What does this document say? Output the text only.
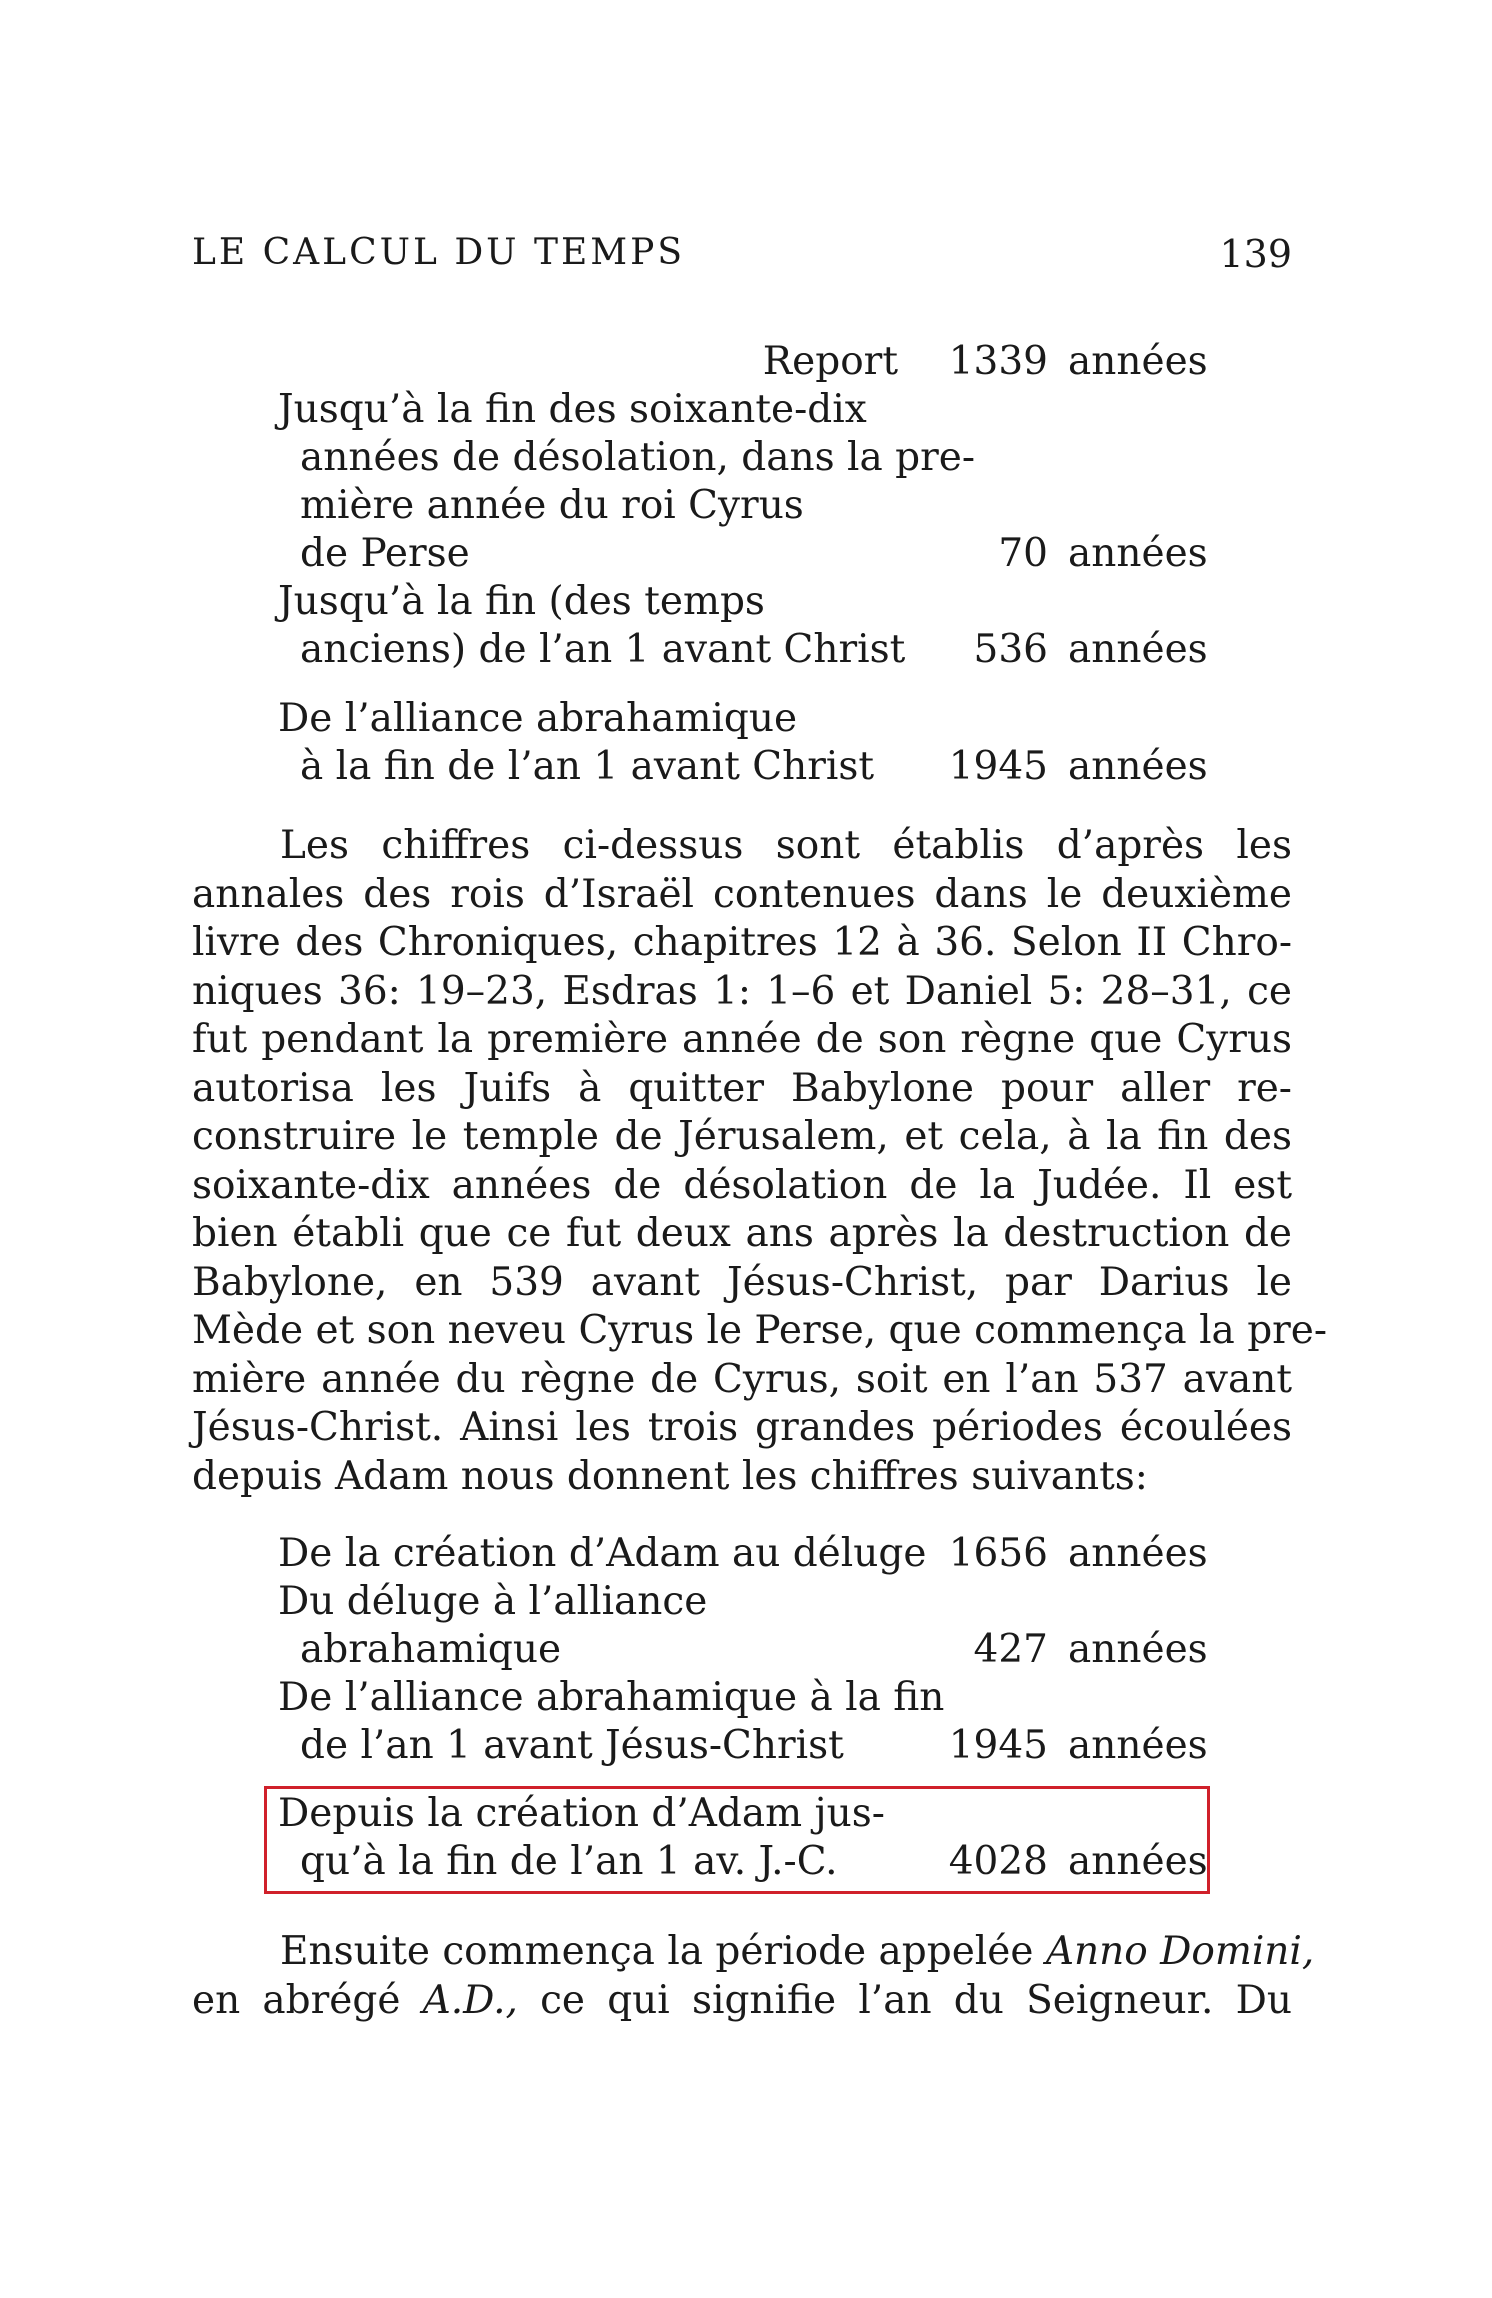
LE CALCUL DU TEMPS	139
Report 1339 années
Jusqu’à la fin des soixante-dix
années de désolation, dans la pre-
mière année du roi Cyrus
de Perse	70 années
Jusqu’à la fin (des temps
anciens) de l’an 1 avant Christ 536 années
De l’alliance abrahamique
à la fin de l’an 1 avant Christ 1945 années
Les chiffres ci-dessus sont établis d’après les
annales des rois d’Israël contenues dans le deuxième
livre des Chroniques, chapitres 12 à 36. Selon II Chro-
niques 36: 19–23, Esdras 1: 1–6 et Daniel 5: 28–31, ce
fut pendant la première année de son règne que Cyrus
autorisa les Juifs à quitter Babylone pour aller re-
construire le temple de Jérusalem, et cela, à la fin des
soixante-dix années de désolation de la Judée. Il est
bien établi que ce fut deux ans après la destruction de
Babylone, en 539 avant Jésus-Christ, par Darius le
Mède et son neveu Cyrus le Perse, que commença la pre-
mière année du règne de Cyrus, soit en l’an 537 avant
Jésus-Christ. Ainsi les trois grandes périodes écoulées
depuis Adam nous donnent les chiffres suivants:
De la création d’Adam au déluge 1656 années
Du déluge à l’alliance
abrahamique	427 années
De l’alliance abrahamique à la fin
de l’an 1 avant Jésus-Christ	1945 années
Depuis la création d’Adam jus-
qu’à la fin de l’an 1 av. J.-C.	4028 années
Ensuite commença la période appelée Anno Domini,
en abrégé A.D., ce qui signifie l’an du Seigneur. Du
